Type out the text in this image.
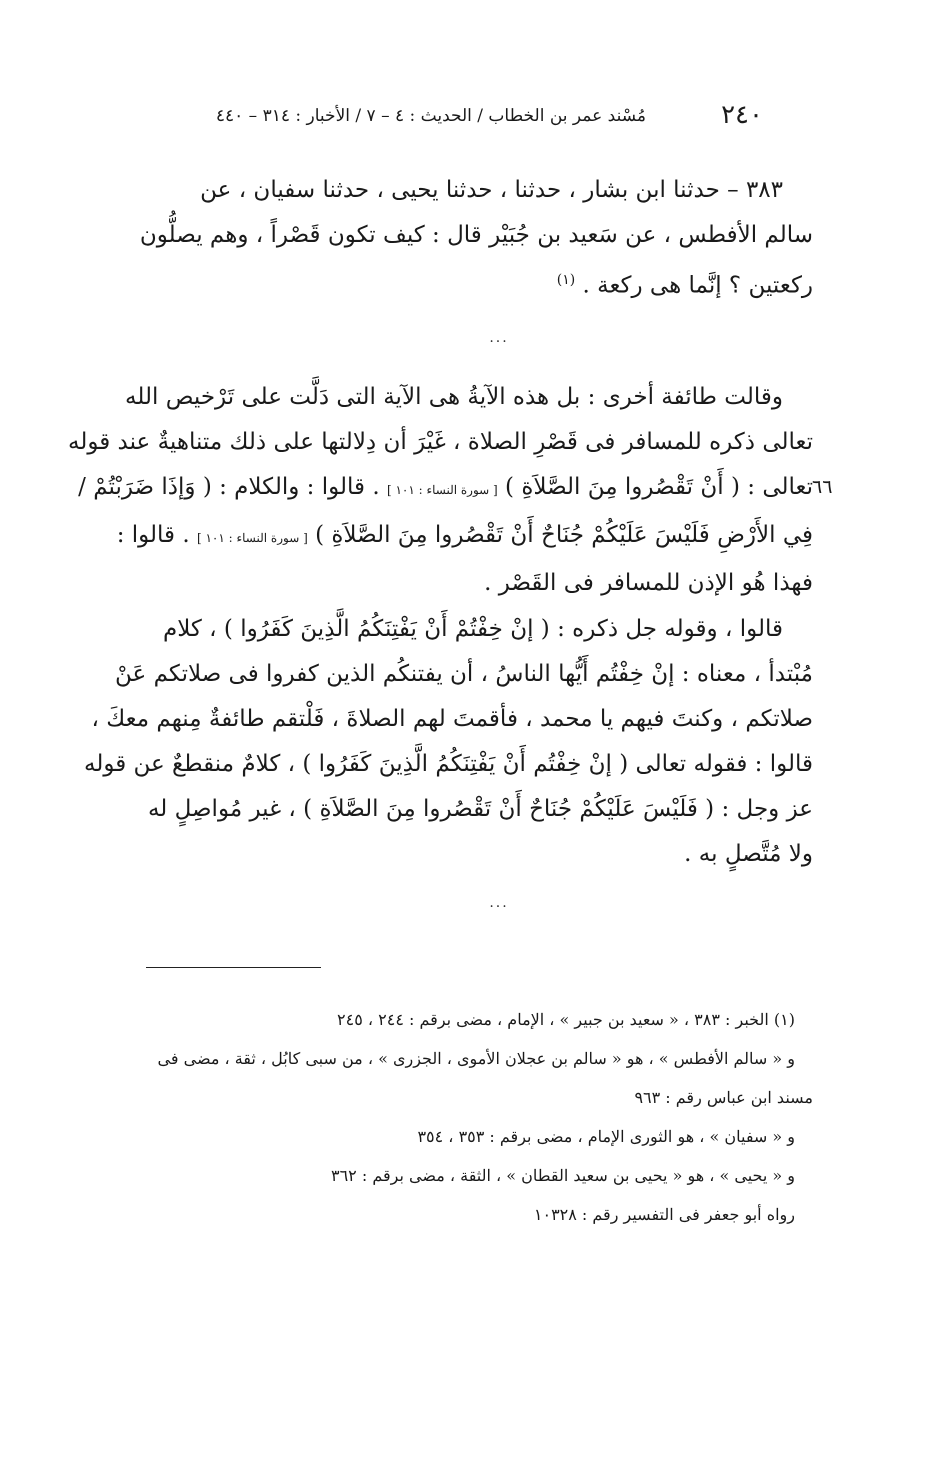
٢٤٠
مُسْند عمر بن الخطاب / الحديث : ٤ – ٧ / الأخبار : ٣١٤ – ٤٤٠
٣٨٣ – حدثنا ابن بشار ، حدثنا ، حدثنا يحيى ، حدثنا سفيان ، عن
سالم الأفطس ، عن سَعيد بن جُبَيْر قال : كيف تكون قَصْراً ، وهم يصلُّون
ركعتين ؟ إنَّما هى ركعة . $^{(١)}$
...
٦٦
وقالت طائفة أخرى : بل هذه الآيةُ هى الآية التى دَلَّت على تَرْخيص الله
تعالى ذكره للمسافر فى قَصْرِ الصلاة ، غَيْرَ أن دِلالتها على ذلك متناهيةٌ عند قوله
تعالى : ( أَنْ تَقْصُروا مِنَ الصَّلاَةِ ) [ سورة النساء : ١٠١ ] . قالوا : والكلام : ( وَإذَا ضَرَبْتُمْ /
فِي الأَرْضِ فَلَيْسَ عَلَيْكُمْ جُنَاحٌ أَنْ تَقْصُروا مِنَ الصَّلاَةِ ) [ سورة النساء : ١٠١ ] . قالوا :
فهذا هُو الإذن للمسافر فى القَصْر .
قالوا ، وقوله جل ذكره : ( إنْ خِفْتُمْ أَنْ يَفْتِنَكُمُ الَّذِينَ كَفَرُوا ) ، كلام
مُبْتدأ ، معناه : إنْ خِفْتُم أَيُّها الناسُ ، أن يفتنكُم الذين كفروا فى صلاتكم عَنْ
صلاتكم ، وكنتَ فيهم يا محمد ، فأقمتَ لهم الصلاةَ ، فَلْتقم طائفةٌ مِنهم معكَ ،
قالوا : فقوله تعالى ( إنْ خِفْتُم أَنْ يَفْتِنَكُمُ الَّذِينَ كَفَرُوا ) ، كلامٌ منقطعٌ عن قوله
عز وجل : ( فَلَيْسَ عَلَيْكُمْ جُنَاحٌ أَنْ تَقْصُروا مِنَ الصَّلاَةِ ) ، غير مُواصِلٍ له
ولا مُتَّصلٍ به .
...
(١) الخبر : ٣٨٣ ، « سعيد بن جبير » ، الإمام ، مضى برقم : ٢٤٤ ، ٢٤٥
و « سالم الأفطس » ، هو « سالم بن عجلان الأموى ، الجزرى » ، من سبى كابُل ، ثقة ، مضى فى
مسند ابن عباس رقم : ٩٦٣
و « سفيان » ، هو الثورى الإمام ، مضى برقم : ٣٥٣ ، ٣٥٤
و « يحيى » ، هو « يحيى بن سعيد القطان » ، الثقة ، مضى برقم : ٣٦٢
رواه أبو جعفر فى التفسير رقم : ١٠٣٢٨
